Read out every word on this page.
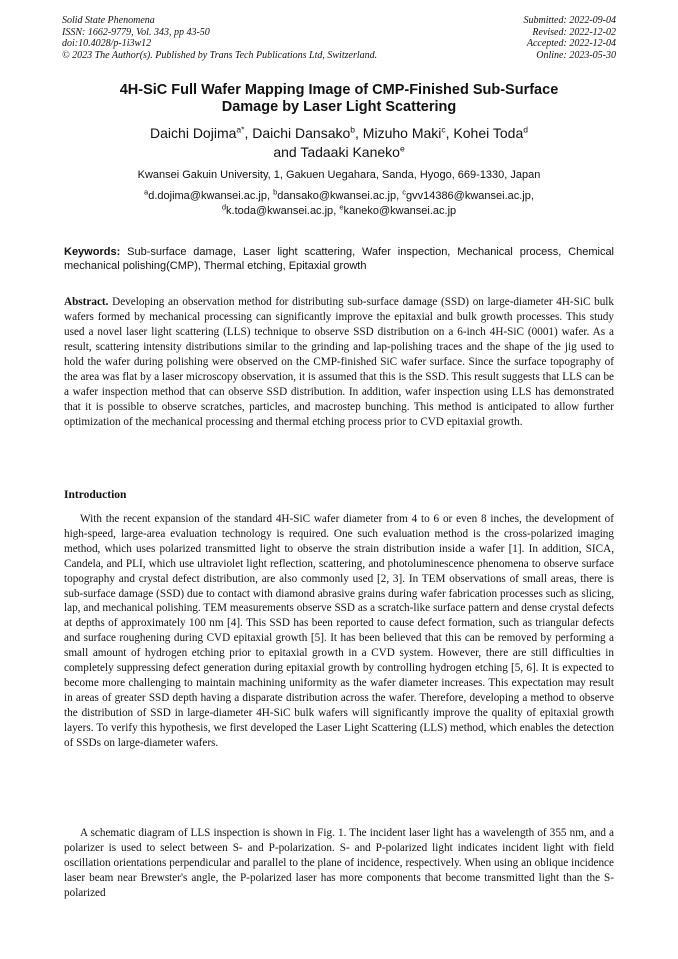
Solid State Phenomena
ISSN: 1662-9779, Vol. 343, pp 43-50
doi:10.4028/p-1i3w12
© 2023 The Author(s). Published by Trans Tech Publications Ltd, Switzerland.
Submitted: 2022-09-04
Revised: 2022-12-02
Accepted: 2022-12-04
Online: 2023-05-30
4H-SiC Full Wafer Mapping Image of CMP-Finished Sub-Surface
Damage by Laser Light Scattering
Daichi Dojima$^{a*}$, Daichi Dansako$^b$, Mizuho Maki$^c$, Kohei Toda$^d$
and Tadaaki Kaneko$^e$
Kwansei Gakuin University, 1, Gakuen Uegahara, Sanda, Hyogo, 669-1330, Japan
$^a$d.dojima@kwansei.ac.jp, $^b$dansako@kwansei.ac.jp, $^c$gvv14386@kwansei.ac.jp,
$^d$k.toda@kwansei.ac.jp, $^e$kaneko@kwansei.ac.jp
Keywords: Sub-surface damage, Laser light scattering, Wafer inspection, Mechanical process, Chemical mechanical polishing(CMP), Thermal etching, Epitaxial growth
Abstract. Developing an observation method for distributing sub-surface damage (SSD) on large-diameter 4H-SiC bulk wafers formed by mechanical processing can significantly improve the epitaxial and bulk growth processes. This study used a novel laser light scattering (LLS) technique to observe SSD distribution on a 6-inch 4H-SiC (0001) wafer. As a result, scattering intensity distributions similar to the grinding and lap-polishing traces and the shape of the jig used to hold the wafer during polishing were observed on the CMP-finished SiC wafer surface. Since the surface topography of the area was flat by a laser microscopy observation, it is assumed that this is the SSD. This result suggests that LLS can be a wafer inspection method that can observe SSD distribution. In addition, wafer inspection using LLS has demonstrated that it is possible to observe scratches, particles, and macrostep bunching. This method is anticipated to allow further optimization of the mechanical processing and thermal etching process prior to CVD epitaxial growth.
Introduction
With the recent expansion of the standard 4H-SiC wafer diameter from 4 to 6 or even 8 inches, the development of high-speed, large-area evaluation technology is required. One such evaluation method is the cross-polarized imaging method, which uses polarized transmitted light to observe the strain distribution inside a wafer [1]. In addition, SICA, Candela, and PLI, which use ultraviolet light reflection, scattering, and photoluminescence phenomena to observe surface topography and crystal defect distribution, are also commonly used [2, 3]. In TEM observations of small areas, there is sub-surface damage (SSD) due to contact with diamond abrasive grains during wafer fabrication processes such as slicing, lap, and mechanical polishing. TEM measurements observe SSD as a scratch-like surface pattern and dense crystal defects at depths of approximately 100 nm [4]. This SSD has been reported to cause defect formation, such as triangular defects and surface roughening during CVD epitaxial growth [5]. It has been believed that this can be removed by performing a small amount of hydrogen etching prior to epitaxial growth in a CVD system. However, there are still difficulties in completely suppressing defect generation during epitaxial growth by controlling hydrogen etching [5, 6]. It is expected to become more challenging to maintain machining uniformity as the wafer diameter increases. This expectation may result in areas of greater SSD depth having a disparate distribution across the wafer. Therefore, developing a method to observe the distribution of SSD in large-diameter 4H-SiC bulk wafers will significantly improve the quality of epitaxial growth layers. To verify this hypothesis, we first developed the Laser Light Scattering (LLS) method, which enables the detection of SSDs on large-diameter wafers.
A schematic diagram of LLS inspection is shown in Fig. 1. The incident laser light has a wavelength of 355 nm, and a polarizer is used to select between S- and P-polarization. S- and P-polarized light indicates incident light with field oscillation orientations perpendicular and parallel to the plane of incidence, respectively. When using an oblique incidence laser beam near Brewster's angle, the P-polarized laser has more components that become transmitted light than the S-polarized
